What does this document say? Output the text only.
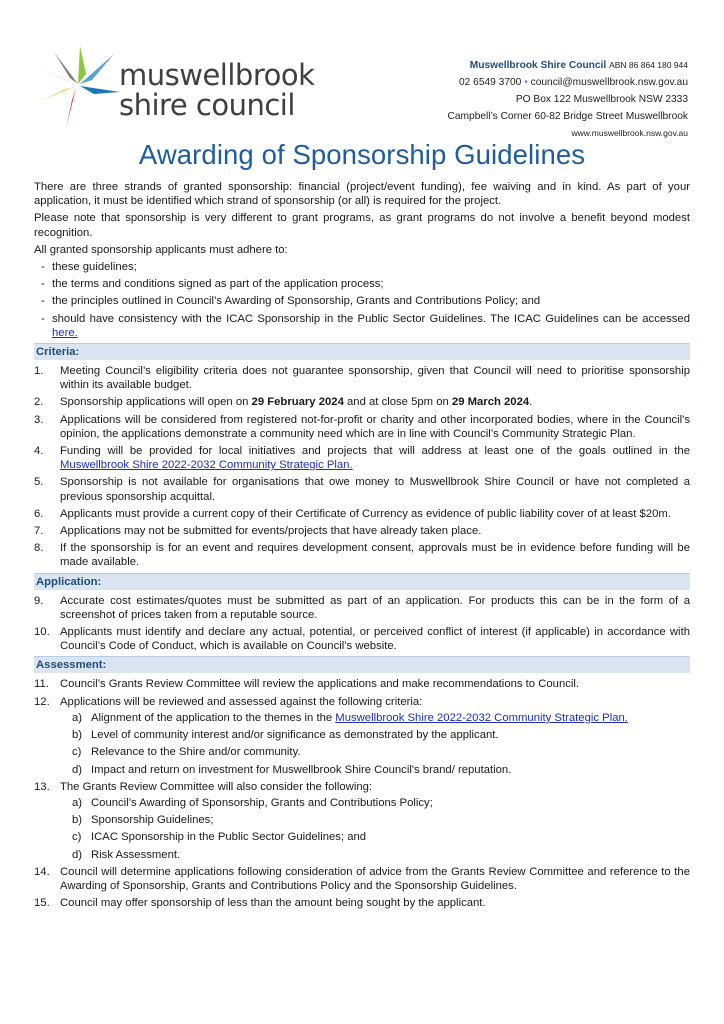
muswellbrook
shire council
Muswellbrook Shire Council ABN 86 864 180 944
02 6549 3700 • council@muswellbrook.nsw.gov.au
PO Box 122 Muswellbrook NSW 2333
Campbell’s Corner 60-82 Bridge Street Muswellbrook
www.muswellbrook.nsw.gov.au
Awarding of Sponsorship Guidelines

There are three strands of granted sponsorship: financial (project/event funding), fee waiving and in kind. As part of your application, it must be identified which strand of sponsorship (or all) is required for the project.

Please note that sponsorship is very different to grant programs, as grant programs do not involve a benefit beyond modest recognition.

All granted sponsorship applicants must adhere to:

- these guidelines;
- the terms and conditions signed as part of the application process;
- the principles outlined in Council’s Awarding of Sponsorship, Grants and Contributions Policy; and
- should have consistency with the ICAC Sponsorship in the Public Sector Guidelines. The ICAC Guidelines can be accessed here.
Criteria:
1. Meeting Council’s eligibility criteria does not guarantee sponsorship, given that Council will need to prioritise sponsorship within its available budget.
2. Sponsorship applications will open on 29 February 2024 and at close 5pm on 29 March 2024.
3. Applications will be considered from registered not-for-profit or charity and other incorporated bodies, where in the Council's opinion, the applications demonstrate a community need which are in line with Council’s Community Strategic Plan.
4. Funding will be provided for local initiatives and projects that will address at least one of the goals outlined in the Muswellbrook Shire 2022-2032 Community Strategic Plan.
5. Sponsorship is not available for organisations that owe money to Muswellbrook Shire Council or have not completed a previous sponsorship acquittal.
6. Applicants must provide a current copy of their Certificate of Currency as evidence of public liability cover of at least $20m.
7. Applications may not be submitted for events/projects that have already taken place.
8. If the sponsorship is for an event and requires development consent, approvals must be in evidence before funding will be made available.
Application:
9. Accurate cost estimates/quotes must be submitted as part of an application. For products this can be in the form of a screenshot of prices taken from a reputable source.
10. Applicants must identify and declare any actual, potential, or perceived conflict of interest (if applicable) in accordance with Council’s Code of Conduct, which is available on Council’s website.
Assessment:
11. Council’s Grants Review Committee will review the applications and make recommendations to Council.
12. Applications will be reviewed and assessed against the following criteria:
a) Alignment of the application to the themes in the Muswellbrook Shire 2022-2032 Community Strategic Plan.
b) Level of community interest and/or significance as demonstrated by the applicant.
c) Relevance to the Shire and/or community.
d) Impact and return on investment for Muswellbrook Shire Council's brand/ reputation.
13. The Grants Review Committee will also consider the following:
a) Council’s Awarding of Sponsorship, Grants and Contributions Policy;
b) Sponsorship Guidelines;
c) ICAC Sponsorship in the Public Sector Guidelines; and
d) Risk Assessment.
14. Council will determine applications following consideration of advice from the Grants Review Committee and reference to the Awarding of Sponsorship, Grants and Contributions Policy and the Sponsorship Guidelines.
15. Council may offer sponsorship of less than the amount being sought by the applicant.
